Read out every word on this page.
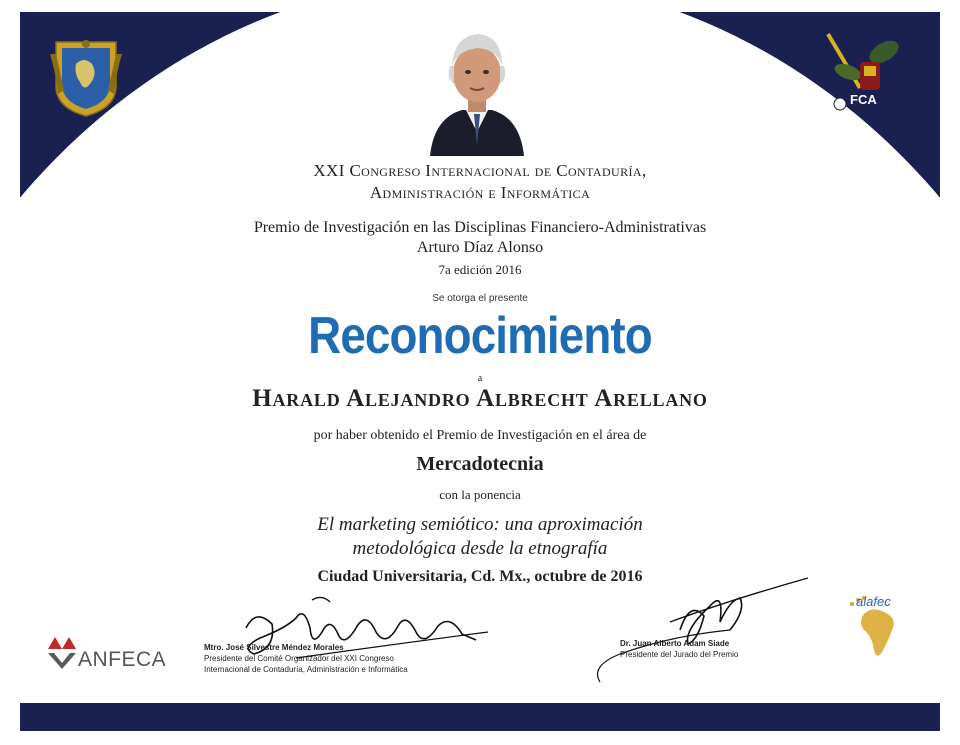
FCA
XXI Congreso Internacional de Contaduría,
Administración e Informática
Premio de Investigación en las Disciplinas Financiero-Administrativas
Arturo Díaz Alonso
7a edición 2016
Se otorga el presente
Reconocimiento
a
Harald Alejandro Albrecht Arellano
por haber obtenido el Premio de Investigación en el área de
Mercadotecnia
con la ponencia
El marketing semiótico: una aproximación
metodológica desde la etnografía
Ciudad Universitaria, Cd. Mx., octubre de 2016
Mtro. José Silvestre Méndez Morales
Presidente del Comité Organizador del XXI Congreso
Internacional de Contaduría, Administración e Informática
Dr. Juan Alberto Adam Siade
Presidente del Jurado del Premio
ANFECA
alafec
